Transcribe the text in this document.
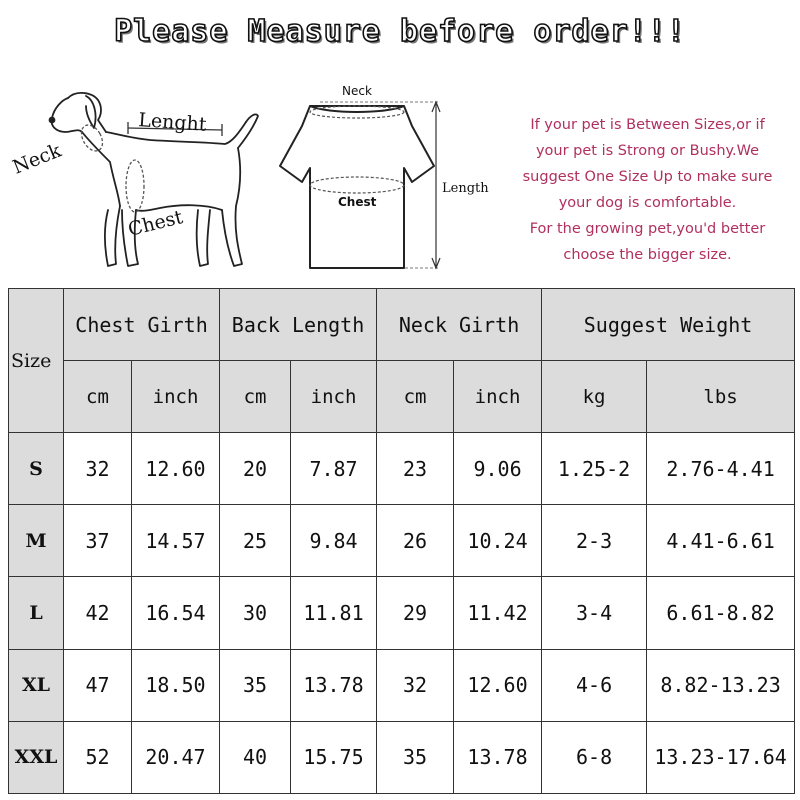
Please Measure before order!!!
Lenght
Neck
Chest
Neck
Chest
Length
If your pet is Between Sizes,or if
your pet is Strong or Bushy.We
suggest One Size Up to make sure
your dog is comfortable.
For the growing pet,you'd better
choose the bigger size.
Size	Chest Girth		Back Length		Neck Girth		Suggest Weight	
	cm	inch	cm	inch	cm	inch	kg	lbs
S	32	12.60	20	7.87	23	9.06	1.25-2	2.76-4.41
M	37	14.57	25	9.84	26	10.24	2-3	4.41-6.61
L	42	16.54	30	11.81	29	11.42	3-4	6.61-8.82
XL	47	18.50	35	13.78	32	12.60	4-6	8.82-13.23
XXL	52	20.47	40	15.75	35	13.78	6-8	13.23-17.64
